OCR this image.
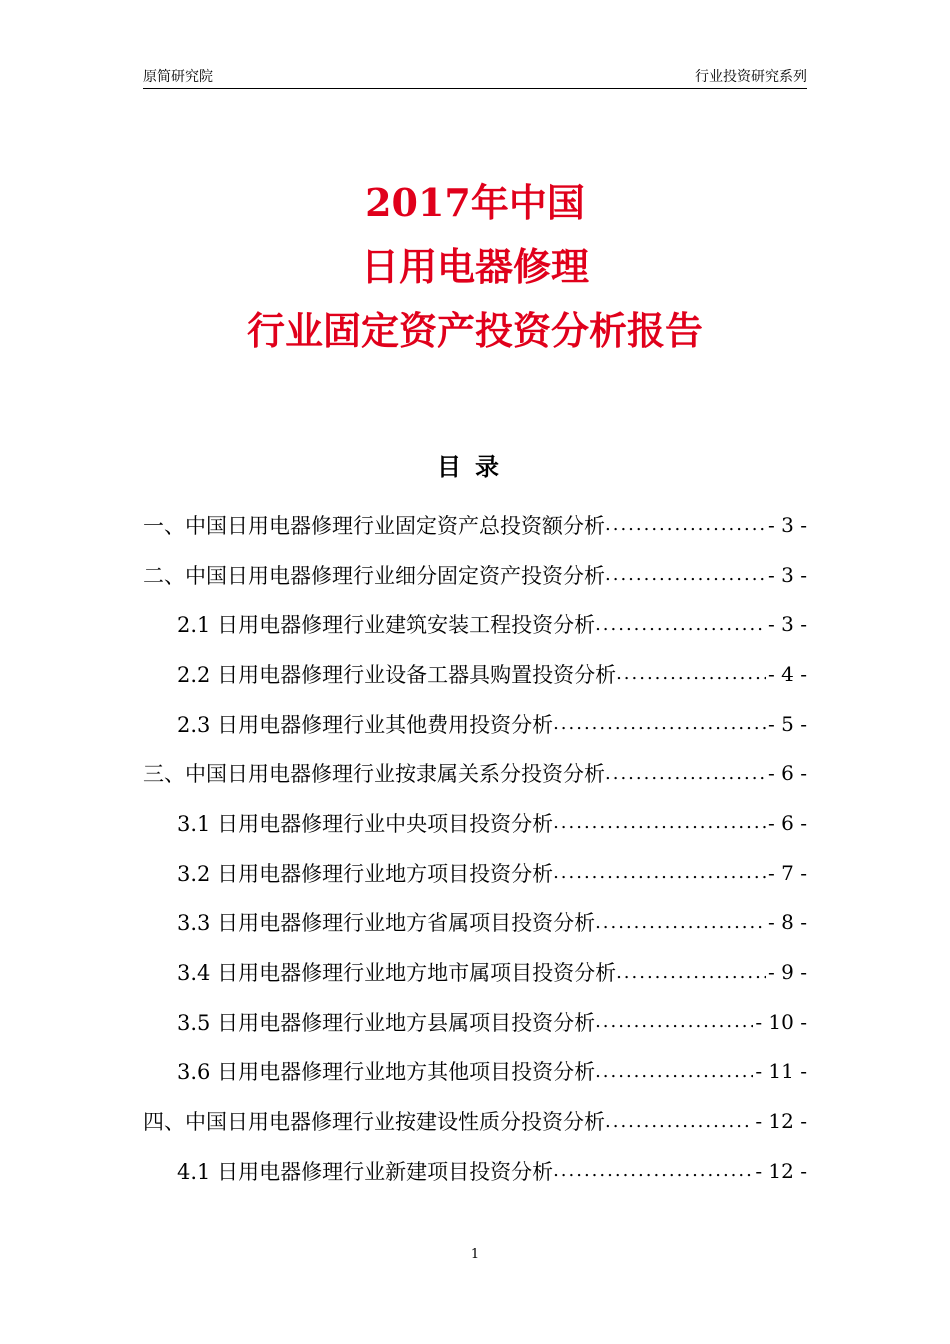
原简研究院	行业投资研究系列
2017年中国
日用电器修理
行业固定资产投资分析报告
目录
一、中国日用电器修理行业固定资产总投资额分析 .....	- 3 -
二、中国日用电器修理行业细分固定资产投资分析 .....	- 3 -
2.1 日用电器修理行业建筑安装工程投资分析 .....	- 3 -
2.2 日用电器修理行业设备工器具购置投资分析 .....	- 4 -
2.3 日用电器修理行业其他费用投资分析 .....	- 5 -
三、中国日用电器修理行业按隶属关系分投资分析 .....	- 6 -
3.1 日用电器修理行业中央项目投资分析 .....	- 6 -
3.2 日用电器修理行业地方项目投资分析 .....	- 7 -
3.3 日用电器修理行业地方省属项目投资分析 .....	- 8 -
3.4 日用电器修理行业地方地市属项目投资分析 .....	- 9 -
3.5 日用电器修理行业地方县属项目投资分析 .....	- 10 -
3.6 日用电器修理行业地方其他项目投资分析 .....	- 11 -
四、中国日用电器修理行业按建设性质分投资分析 .....	- 12 -
4.1 日用电器修理行业新建项目投资分析 .....	- 12 -
1
